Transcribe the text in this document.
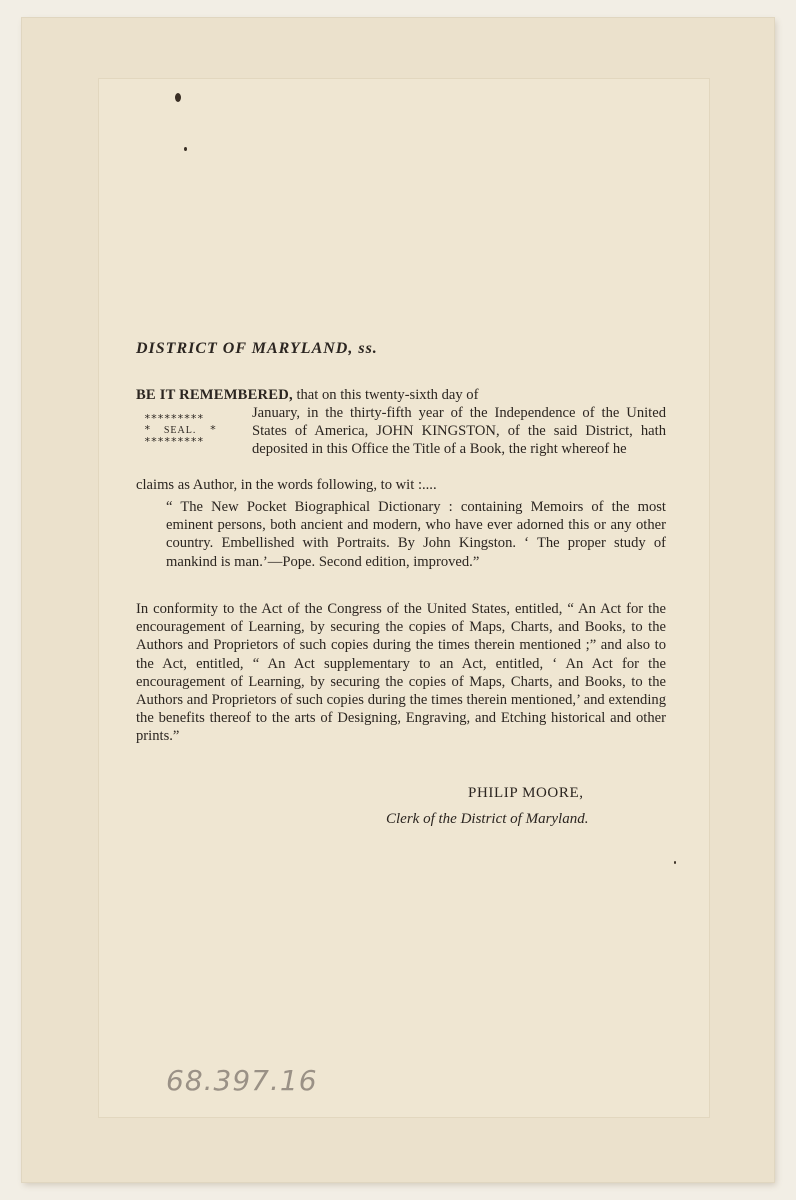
DISTRICT OF MARYLAND, ss.
BE IT REMEMBERED, that on this twenty-sixth day of
*********
*  SEAL.  *
*********
January, in the thirty-fifth year of the Independence of the United States of America, JOHN KINGSTON, of the said District, hath deposited in this Office the Title of a Book, the right whereof he
claims as Author, in the words following, to wit :....
“ The New Pocket Biographical Dictionary : containing Memoirs of the most eminent persons, both ancient and modern, who have ever adorned this or any other country. Embellished with Portraits. By John Kingston. ‘ The proper study of mankind is man.’—Pope. Second edition, improved.”
In conformity to the Act of the Congress of the United States, entitled, “ An Act for the encouragement of Learning, by securing the copies of Maps, Charts, and Books, to the Authors and Proprietors of such copies during the times therein mentioned ;” and also to the Act, entitled, “ An Act supplementary to an Act, entitled, ‘ An Act for the encouragement of Learning, by securing the copies of Maps, Charts, and Books, to the Authors and Proprietors of such copies during the times therein mentioned,’ and extending the benefits thereof to the arts of Designing, Engraving, and Etching historical and other prints.”
PHILIP MOORE,
Clerk of the District of Maryland.
68.397.16
